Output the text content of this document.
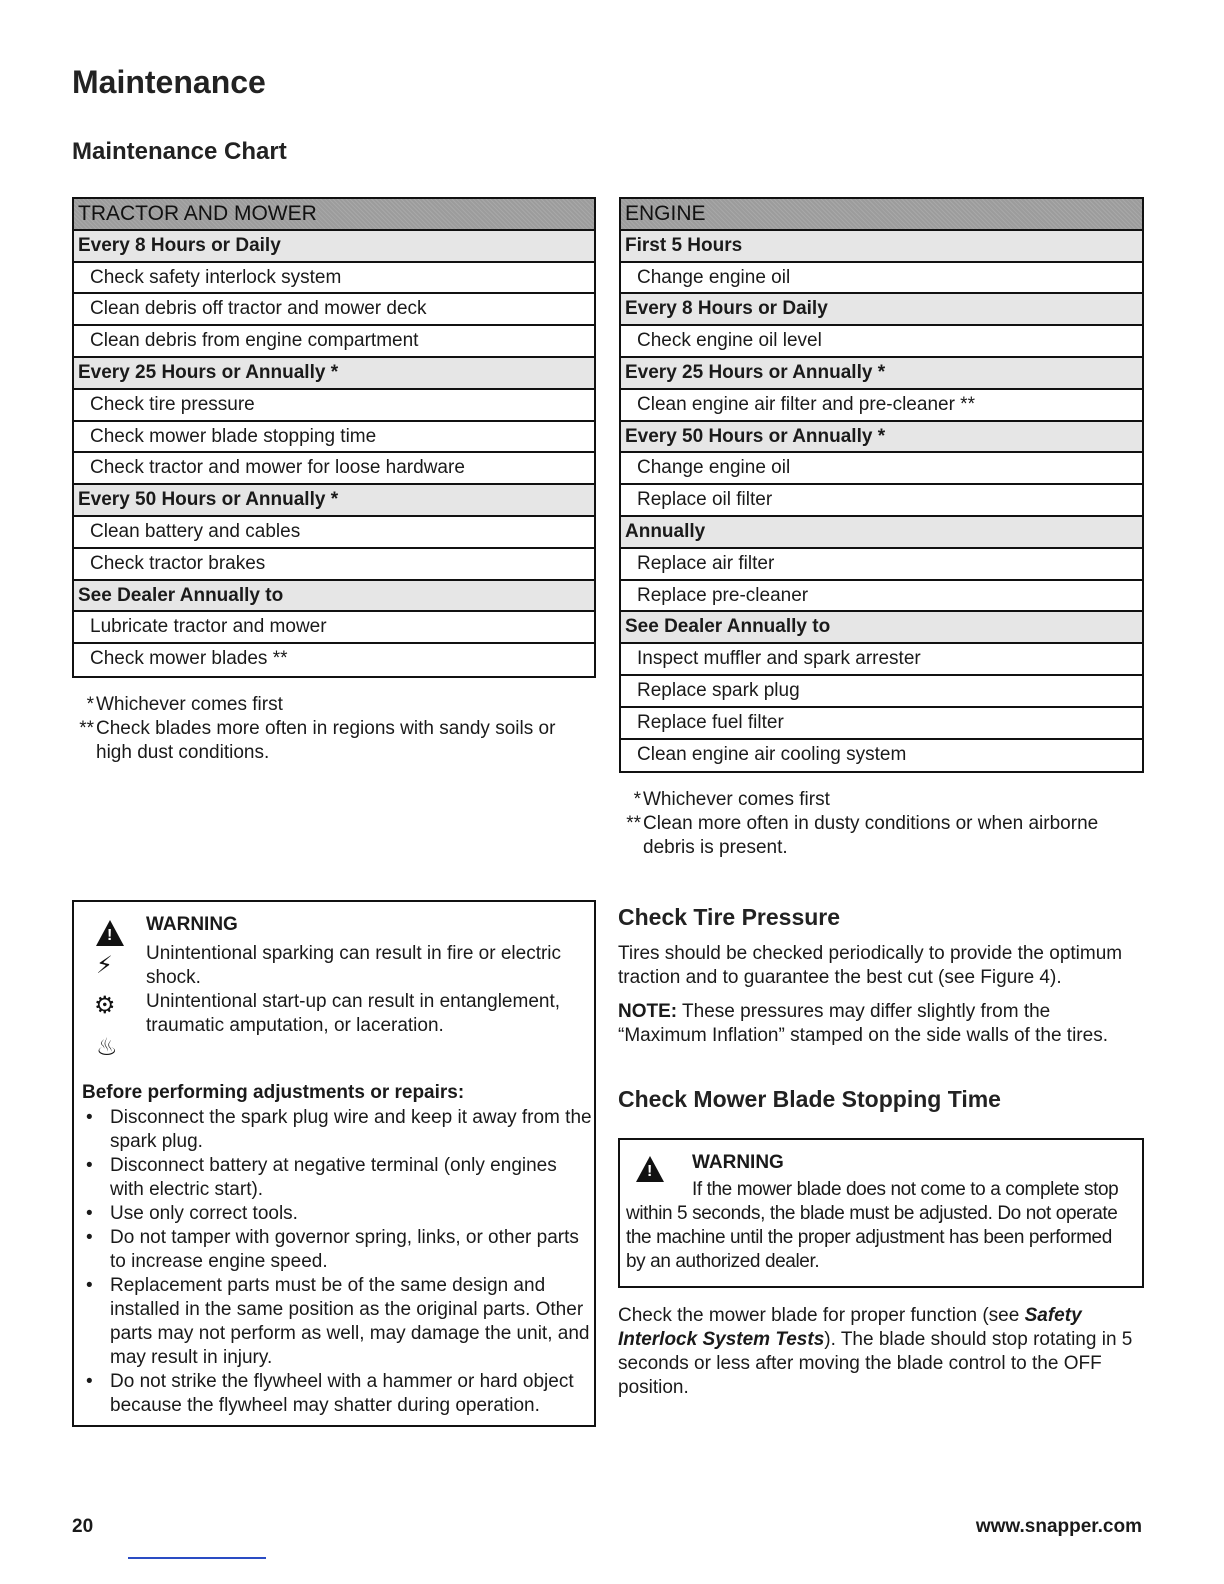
Maintenance
Maintenance Chart
TRACTOR AND MOWER
Every 8 Hours or Daily
Check safety interlock system
Clean debris off tractor and mower deck
Clean debris from engine compartment
Every 25 Hours or Annually *
Check tire pressure
Check mower blade stopping time
Check tractor and mower for loose hardware
Every 50 Hours or Annually *
Clean battery and cables
Check tractor brakes
See Dealer Annually to
Lubricate tractor and mower
Check mower blades **
* Whichever comes first
** Check blades more often in regions with sandy soils or high dust conditions.
ENGINE
First 5 Hours
Change engine oil
Every 8 Hours or Daily
Check engine oil level
Every 25 Hours or Annually *
Clean engine air filter and pre-cleaner **
Every 50 Hours or Annually *
Change engine oil
Replace oil filter
Annually
Replace air filter
Replace pre-cleaner
See Dealer Annually to
Inspect muffler and spark arrester
Replace spark plug
Replace fuel filter
Clean engine air cooling system
* Whichever comes first
** Clean more often in dusty conditions or when airborne debris is present.
!
⚡
⚙
♨
WARNING
Unintentional sparking can result in fire or electric shock.
Unintentional start-up can result in entanglement, traumatic amputation, or laceration.
Before performing adjustments or repairs:
• Disconnect the spark plug wire and keep it away from the spark plug.
• Disconnect battery at negative terminal (only engines with electric start).
• Use only correct tools.
• Do not tamper with governor spring, links, or other parts to increase engine speed.
• Replacement parts must be of the same design and installed in the same position as the original parts. Other parts may not perform as well, may damage the unit, and may result in injury.
• Do not strike the flywheel with a hammer or hard object because the flywheel may shatter during operation.
Check Tire Pressure
Tires should be checked periodically to provide the optimum traction and to guarantee the best cut (see Figure 4).
NOTE: These pressures may differ slightly from the “Maximum Inflation” stamped on the side walls of the tires.
Check Mower Blade Stopping Time
!
WARNING
If the mower blade does not come to a complete stop within 5 seconds, the blade must be adjusted. Do not operate the machine until the proper adjustment has been performed by an authorized dealer.
Check the mower blade for proper function (see Safety Interlock System Tests). The blade should stop rotating in 5 seconds or less after moving the blade control to the OFF position.
20	www.snapper.com
